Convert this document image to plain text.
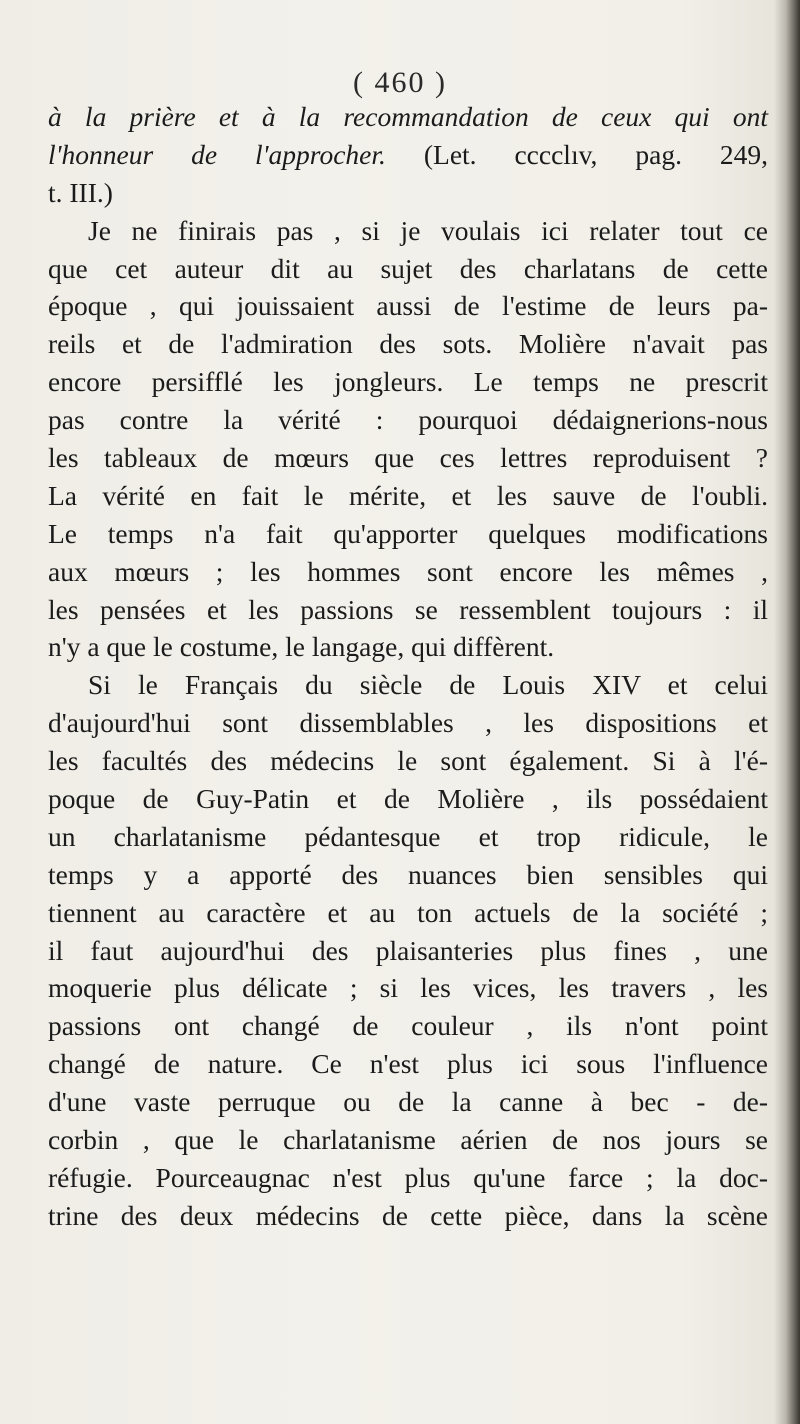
( 460 )
à la prière et à la recommandation de ceux qui ont
l'honneur de l'approcher. (Let. cccclıv, pag. 249,
t. III.)
Je ne finirais pas , si je voulais ici relater tout ce
que cet auteur dit au sujet des charlatans de cette
époque , qui jouissaient aussi de l'estime de leurs pa-
reils et de l'admiration des sots. Molière n'avait pas
encore persifflé les jongleurs. Le temps ne prescrit
pas contre la vérité : pourquoi dédaignerions-nous
les tableaux de mœurs que ces lettres reproduisent ?
La vérité en fait le mérite, et les sauve de l'oubli.
Le temps n'a fait qu'apporter quelques modifications
aux mœurs ; les hommes sont encore les mêmes ,
les pensées et les passions se ressemblent toujours : il
n'y a que le costume, le langage, qui diffèrent.
Si le Français du siècle de Louis XIV et celui
d'aujourd'hui sont dissemblables , les dispositions et
les facultés des médecins le sont également. Si à l'é-
poque de Guy-Patin et de Molière , ils possédaient
un charlatanisme pédantesque et trop ridicule, le
temps y a apporté des nuances bien sensibles qui
tiennent au caractère et au ton actuels de la société ;
il faut aujourd'hui des plaisanteries plus fines , une
moquerie plus délicate ; si les vices, les travers , les
passions ont changé de couleur , ils n'ont point
changé de nature. Ce n'est plus ici sous l'influence
d'une vaste perruque ou de la canne à bec - de-
corbin , que le charlatanisme aérien de nos jours se
réfugie. Pourceaugnac n'est plus qu'une farce ; la doc-
trine des deux médecins de cette pièce, dans la scène
